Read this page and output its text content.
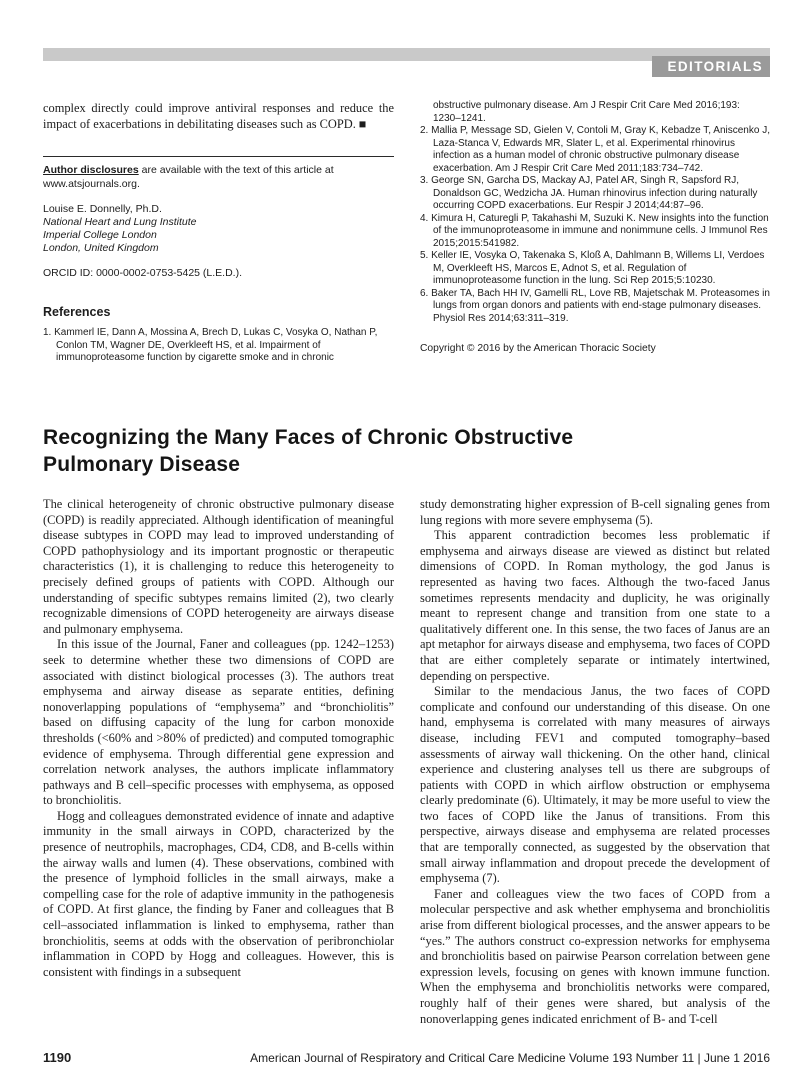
EDITORIALS

complex directly could improve antiviral responses and reduce the impact of exacerbations in debilitating diseases such as COPD. ■

Author disclosures are available with the text of this article at www.atsjournals.org.
Louise E. Donnelly, Ph.D.
National Heart and Lung Institute
Imperial College London
London, United Kingdom
ORCID ID: 0000-0002-0753-5425 (L.E.D.).
References
1. Kammerl IE, Dann A, Mossina A, Brech D, Lukas C, Vosyka O, Nathan P, Conlon TM, Wagner DE, Overkleeft HS, et al. Impairment of immunoproteasome function by cigarette smoke and in chronic
obstructive pulmonary disease. Am J Respir Crit Care Med 2016;193: 1230–1241.
2. Mallia P, Message SD, Gielen V, Contoli M, Gray K, Kebadze T, Aniscenko J, Laza-Stanca V, Edwards MR, Slater L, et al. Experimental rhinovirus infection as a human model of chronic obstructive pulmonary disease exacerbation. Am J Respir Crit Care Med 2011;183:734–742.
3. George SN, Garcha DS, Mackay AJ, Patel AR, Singh R, Sapsford RJ, Donaldson GC, Wedzicha JA. Human rhinovirus infection during naturally occurring COPD exacerbations. Eur Respir J 2014;44:87–96.
4. Kimura H, Caturegli P, Takahashi M, Suzuki K. New insights into the function of the immunoproteasome in immune and nonimmune cells. J Immunol Res 2015;2015:541982.
5. Keller IE, Vosyka O, Takenaka S, Kloß A, Dahlmann B, Willems LI, Verdoes M, Overkleeft HS, Marcos E, Adnot S, et al. Regulation of immunoproteasome function in the lung. Sci Rep 2015;5:10230.
6. Baker TA, Bach HH IV, Gamelli RL, Love RB, Majetschak M. Proteasomes in lungs from organ donors and patients with end-stage pulmonary diseases. Physiol Res 2014;63:311–319.
Copyright © 2016 by the American Thoracic Society
Recognizing the Many Faces of Chronic Obstructive Pulmonary Disease

The clinical heterogeneity of chronic obstructive pulmonary disease (COPD) is readily appreciated. Although identification of meaningful disease subtypes in COPD may lead to improved understanding of COPD pathophysiology and its important prognostic or therapeutic characteristics (1), it is challenging to reduce this heterogeneity to precisely defined groups of patients with COPD. Although our understanding of specific subtypes remains limited (2), two clearly recognizable dimensions of COPD heterogeneity are airways disease and pulmonary emphysema.

In this issue of the Journal, Faner and colleagues (pp. 1242–1253) seek to determine whether these two dimensions of COPD are associated with distinct biological processes (3). The authors treat emphysema and airway disease as separate entities, defining nonoverlapping populations of “emphysema” and “bronchiolitis” based on diffusing capacity of the lung for carbon monoxide thresholds (<60% and >80% of predicted) and computed tomographic evidence of emphysema. Through differential gene expression and correlation network analyses, the authors implicate inflammatory pathways and B cell–specific processes with emphysema, as opposed to bronchiolitis.

Hogg and colleagues demonstrated evidence of innate and adaptive immunity in the small airways in COPD, characterized by the presence of neutrophils, macrophages, CD4, CD8, and B-cells within the airway walls and lumen (4). These observations, combined with the presence of lymphoid follicles in the small airways, make a compelling case for the role of adaptive immunity in the pathogenesis of COPD. At first glance, the finding by Faner and colleagues that B cell–associated inflammation is linked to emphysema, rather than bronchiolitis, seems at odds with the observation of peribronchiolar inflammation in COPD by Hogg and colleagues. However, this is consistent with findings in a subsequent

study demonstrating higher expression of B-cell signaling genes from lung regions with more severe emphysema (5).

This apparent contradiction becomes less problematic if emphysema and airways disease are viewed as distinct but related dimensions of COPD. In Roman mythology, the god Janus is represented as having two faces. Although the two-faced Janus sometimes represents mendacity and duplicity, he was originally meant to represent change and transition from one state to a qualitatively different one. In this sense, the two faces of Janus are an apt metaphor for airways disease and emphysema, two faces of COPD that are either completely separate or intimately intertwined, depending on perspective.

Similar to the mendacious Janus, the two faces of COPD complicate and confound our understanding of this disease. On one hand, emphysema is correlated with many measures of airways disease, including FEV1 and computed tomography–based assessments of airway wall thickening. On the other hand, clinical experience and clustering analyses tell us there are subgroups of patients with COPD in which airflow obstruction or emphysema clearly predominate (6). Ultimately, it may be more useful to view the two faces of COPD like the Janus of transitions. From this perspective, airways disease and emphysema are related processes that are temporally connected, as suggested by the observation that small airway inflammation and dropout precede the development of emphysema (7).

Faner and colleagues view the two faces of COPD from a molecular perspective and ask whether emphysema and bronchiolitis arise from different biological processes, and the answer appears to be “yes.” The authors construct co-expression networks for emphysema and bronchiolitis based on pairwise Pearson correlation between gene expression levels, focusing on genes with known immune function. When the emphysema and bronchiolitis networks were compared, roughly half of their genes were shared, but analysis of the nonoverlapping genes indicated enrichment of B- and T-cell

1190	American Journal of Respiratory and Critical Care Medicine Volume 193 Number 11 | June 1 2016
